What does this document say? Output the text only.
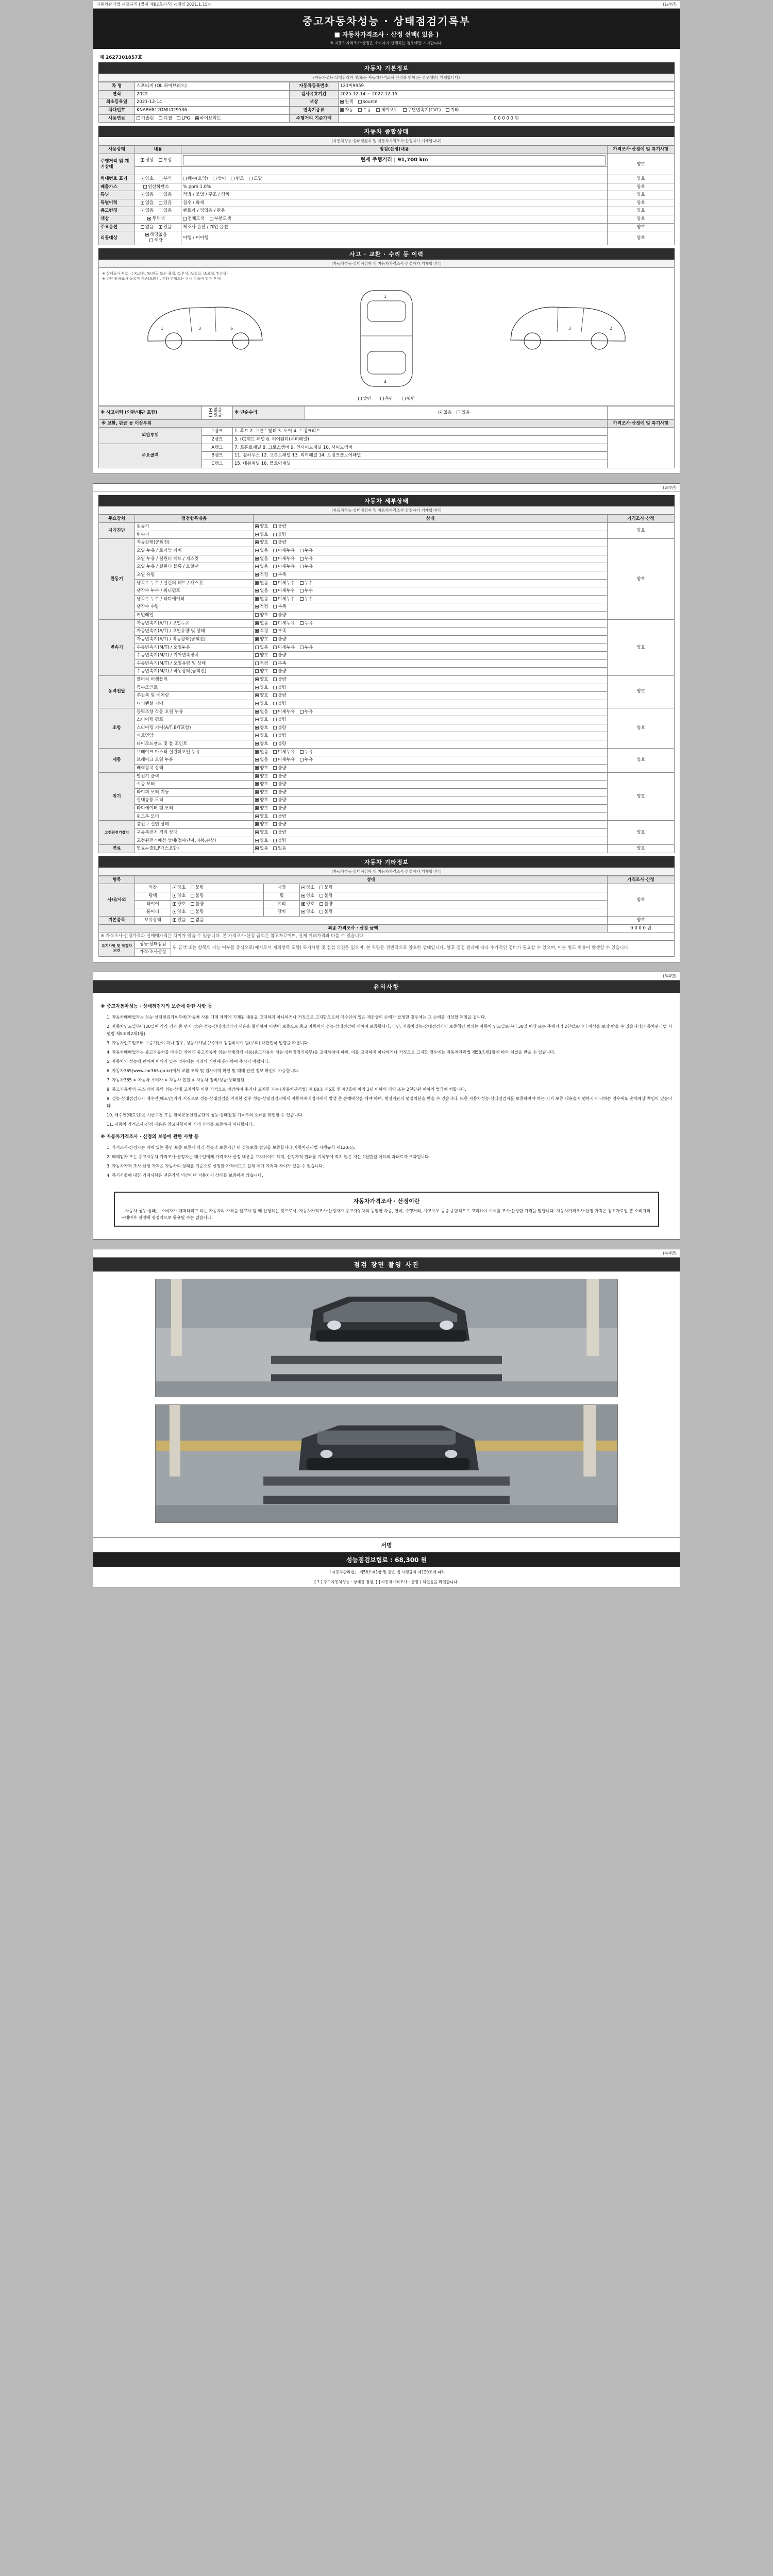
자동차관리법 시행규칙 [별지 제82호서식] <개정 2021.1.15>	(1/4면)
중고자동차성능 · 상태점검기록부
■ 자동차가격조사 · 산정 선택( 있음 )
※ 자동차가격조사·산정은 소비자가 선택하는 경우에만 기재합니다.
제 2627301857호
자동차 기본정보
(자동차성능·상태점검자 및/또는 자동차가격조사·산정을 받아(는 경우에만) 기재합니다)
차 명	스포티지 (QL 하이브리드)	자동차등록번호	123머9959
연식	2022	검사유효기간	2025-12-14 ~ 2027-12-15
최초등록일	2021-12-14	색상	원색 source
차대번호	KNAPH812DMU029536	변속기종류	자동 수동 세미오토 무단변속기(CVT) 기타
사용연료	가솔린 디젤 LPG 하이브리드	주행거리 기준가액	0 0 0 0 0 원
자동차 종합상태
(자동차성능·상태점검자 및 자동차가격조사·산정자가 기재합니다)
사용상태	내용	점검(산정)내용	가격조사·산정에 및 특기사항
주행거리 및 계기상태	정상 부정	현재 주행거리 | 91,700 km	양호

차대번호 표기	양호 부식	훼손(오염) 상이 변조 도말	양호
배출가스	일산화탄소	% ppm 1.0%	양호
튜닝	없음 있음	적법 / 불법 / 구조 / 장치	양호
특별이력	없음 있음	침수 / 화재	양호
용도변경	없음 있음	렌트카 / 영업용 / 관용	양호
색상	무채색	전체도색 부분도색	양호
주요옵션	없음 있음	제조사 옵션 / 개인 옵션	양호
리콜대상	해당없음 해당	이행 / 미이행	양호
사고 · 교환 · 수리 등 이력
(자동차성능·상태점검자 및 자동차가격조사·산정자가 기재합니다)
※ 상태표시 부호 : ( X:교환, W:판금 또는 용접, C:부식, A:흠집, U:요철, T:손상)
※ 하단 당해표시 등록적 기준(프레임, 기타 위험도는 상세 항목에 영향 부여)
1	3	6
1
4
2
3
앞면	측면	뒷면
※ 사고이력 (외판/내판 포함)	없음 있음	※ 단순수리	없음 있음	
※ 교환, 판금 등 이상부위				가격조사·산정에 및 특기사항
외판부위	1랭크	1. 후드 2. 프론트휀더 3. 도어 4. 트렁크리드		
	2랭크	5. (C)위드 패널 6. 리어휀더(쿼터패널)		
주요골격	A랭크	7. 프론트패널 8. 크로스멤버 9. 인사이드패널 10. 사이드멤버		
	B랭크	11. 휠하우스 12. 프론트패널 13. 리어패널 14. 트렁크플로어패널		
	C랭크	15. 대쉬패널 16. 플로어패널		

(2/4면)
자동차 세부상태
(자동차성능·상태점검자 및 자동차가격조사·산정자가 기재합니다)
주요장치	점검항목내용	상태	가격조사·산정
자기진단	원동기	양호 불량	양호
	변속기	양호 불량	
원동기	작동상태(공회전)	양호 불량	양호
	오일 누유 / 로커암 커버	없음 미세누유 누유	
	오일 누유 / 실린더 헤드 / 개스킷	없음 미세누유 누유	
	오일 누유 / 실린더 블록 / 오일팬	없음 미세누유 누유	
	오일 유량	적정 부족	
	냉각수 누수 / 실린더 헤드 / 개스킷	없음 미세누수 누수	
	냉각수 누수 / 워터펌프	없음 미세누수 누수	
	냉각수 누수 / 라디에이터	없음 미세누수 누수	
	냉각수 수량	적정 부족	
	커먼레일	양호 불량	
변속기	자동변속기(A/T) / 오일누유	없음 미세누유 누유	양호
	자동변속기(A/T) / 오일유량 및 상태	적정 부족	
	자동변속기(A/T) / 작동상태(공회전)	양호 불량	
	수동변속기(M/T) / 오일누유	없음 미세누유 누유	
	수동변속기(M/T) / 기어변속장치	양호 불량	
	수동변속기(M/T) / 오일유량 및 상태	적정 부족	
	수동변속기(M/T) / 작동상태(공회전)	양호 불량	
동력전달	클러치 어셈블리	양호 불량	양호
	등속조인트	양호 불량	
	추진축 및 베어링	양호 불량	
	디퍼렌셜 기어	양호 불량	
조향	동력조향 작동 오일 누유	없음 미세누유 누유	양호
	스티어링 펌프	양호 불량	
	스티어링 기어(A/T,B/T포함)	양호 불량	
	피트먼암	양호 불량	
	타이로드엔드 및 볼 조인트	양호 불량	
제동	브레이크 마스터 실린더오일 누유	없음 미세누유 누유	양호
	브레이크 오일 누유	없음 미세누유 누유	
	배력장치 상태	양호 불량	
전기	발전기 출력	양호 불량	양호
	시동 모터	양호 불량	
	와이퍼 모터 기능	양호 불량	
	실내송풍 모터	양호 불량	
	라디에이터 팬 모터	양호 불량	
	윈도우 모터	양호 불량	
고전원전기장치	충전구 절연 상태	양호 불량	양호
	구동축전지 격리 상태	양호 불량	
	고전원전기배선 상태(접속단자,피복,손상)	양호 불량	
연료	연료누출(LP가스포함)	없음 있음	양호
자동차 기타정보
(자동차성능·상태점검자 및 자동차가격조사·산정자가 기재합니다)
항목	상태				가격조사·산정
사내/사외	외장	양호 불량	내장	양호 불량	양호
	광택	양호 불량	휠	양호 불량	
	타이어	양호 불량	유리	양호 불량	
	룸미러	양호 불량	장비	양호 불량	
기본품목	보유상태	있음 없음			양호
최종 가격조사 · 산정 금액					0 0 0 0 원
※ 가격조사·산정가격과 실매매가격은 차이가 있을 수 있습니다. 본 가격조사·산정 금액은 참고자료이며, 실제 거래가격과 다를 수 있습니다.					
특기사항 및 점검자의견	성능·상태점검	위 금액 또는 항목의 기능 여부를 중심으로(예시로서 제외항목 포함) 특기사항 및 점검 의견은 없으며, 본 차량은 전반적으로 양호한 상태입니다. 향후 점검 결과에 따라 추가적인 정비가 필요할 수 있으며, 이는 별도 비용이 발생할 수 있습니다.			
	가격·조사산정				

(3/4면)
유의사항
※ 중고자동차성능 · 상태점검자의 보증에 관한 사항 등

1. 자동차매매업자는 성능·상태점검기록부에(자동차 사용 매매 계약에 기재된 내용을 고지하지 아니하거나 거짓으로 고지함으로써 매수인이 입은 재산상의 손해가 발생한 경우에는 그 손해를 배상할 책임을 집니다.

2. 자동차인도일부터(30일이 각각 경과 중 먼저 것)은 성능·상태점검자의 내용을 확인하여 이행이 보증으로 중고 자동차의 성능·상태점검에 대하여 보증합니다. 다만, 자동차성능·상태점검자의 보증책임 범위는 자동차 인도일로부터 30일 이상 또는 주행거리 2천킬로미터 이상을 보장 받을 수 있습니다(자동차관리법 시행령 제5조의2제1항).

3. 자동차인도일부터 보증기간이 지나 경우, 성능기사님 (사)에서 점검하여야 할(주의) 대한민국 법령을 따릅니다.

4. 자동차매매업자는 중고자동차를 매수한 자에게 중고자동차 성능·상태점검 내용(중고자동차 성능·상태점검기록부)을 고지하여야 하며, 이를 고지하지 아니하거나 거짓으로 고지한 경우에는 자동차관리법 제58조제1항에 따라 처벌을 받을 수 있습니다.

5. 자동차의 성능에 관하여 이의가 있는 경우에는 아래의 기관에 문의하여 주시기 바랍니다.

6. 자동차365(www.car365.go.kr)에서 교환 조회 및 검사이력 확인 및 매매 관련 정보 확인이 가능합니다.

7. 자동차365 > 자동차 소비자 > 자동차 민원 > 자동차 정비/성능·상태점검

8. 중고자동차의 구조·장치 등의 성능·상태 고지의무 이행 가격으로 점검하여 주거나 고지한 자는 [자동차관리법] 제 80조 제6호 및 제7호에 따라 2년 이하의 징역 또는 2천만원 이하의 벌금에 처합니다.

9. 성능·상태점검자가 매수인(매도인)가기 거짓으로 성능·상태점검을 기재한 경우 성능·상태점검자에게 자동차매매업자에게 발생 준 손해배상을 해야 하며, 행정기관의 행정처분을 받을 수 있습니다. 또한 자동차성능·상태점검자를 보증하여야 하는 자가 보증 내용을 이행하지 아니하는 경우에도 손해배상 책임이 있습니다.

10. 매수인(매도인)은 시군구청 또는 한국교통안전공단에 성능·상태점검 기록부의 오류를 확인할 수 있습니다.

11. 자동차 가격조사·산정 내용은 참고사항이며 거래 가격을 보증하지 아니합니다.

※ 자동차가격조사 · 산정의 보증에 관한 사항 등

1. 가격조사·산정자는 이에 있는 동안 보증 보증에 따라 성능과 보증기간 내 성능보증 범위를 보증합니다(자동차관리법 시행규칙 제120조).

2. 매매업자 또는 중고자동차 가격조사·산정자는 매수인에게 가격조사·산정 내용을 고지하여야 하며, 산정가격 결과를 기록부에 적지 않은 자는 1천만원 이하의 과태료가 부과됩니다.

3. 자동차가격 조사·산정 가격은 자동차의 상태를 기준으로 산정한 가격이므로 실제 매매 가격과 차이가 있을 수 있습니다.

4. 특기사항에 대한 기재사항은 전문가의 의견이며 자동차의 상태를 보증하지 않습니다.

자동차가격조사 · 산정이란
「자동차 성능·상태」 소비자가 매매하려고 하는 자동차의 가격을 알고자 할 때 신청하는 것으로서, 자동차가격조사·산정자가 중고자동차의 동일한 차종, 연식, 주행거리, 사고유무 등을 종합적으로 고려하여 시세를 조사·산정한 가격을 말합니다. 자동차가격조사·산정 가격은 참고자료일 뿐 소비자의 구매여부 결정에 결정적으로 활용될 수는 없습니다.

(4/4면)
점검 장면 촬영 사진
서명
성능점검보험료 : 68,300 원
「자동차관리법」 제58조제1항 및 같은 법 시행규칙 제120조에 따라
[ 1 ] 중고자동차성능 · 상태를 점검, [ ] 자동차가격조사 · 산정 ) 하였음을 확인합니다.
